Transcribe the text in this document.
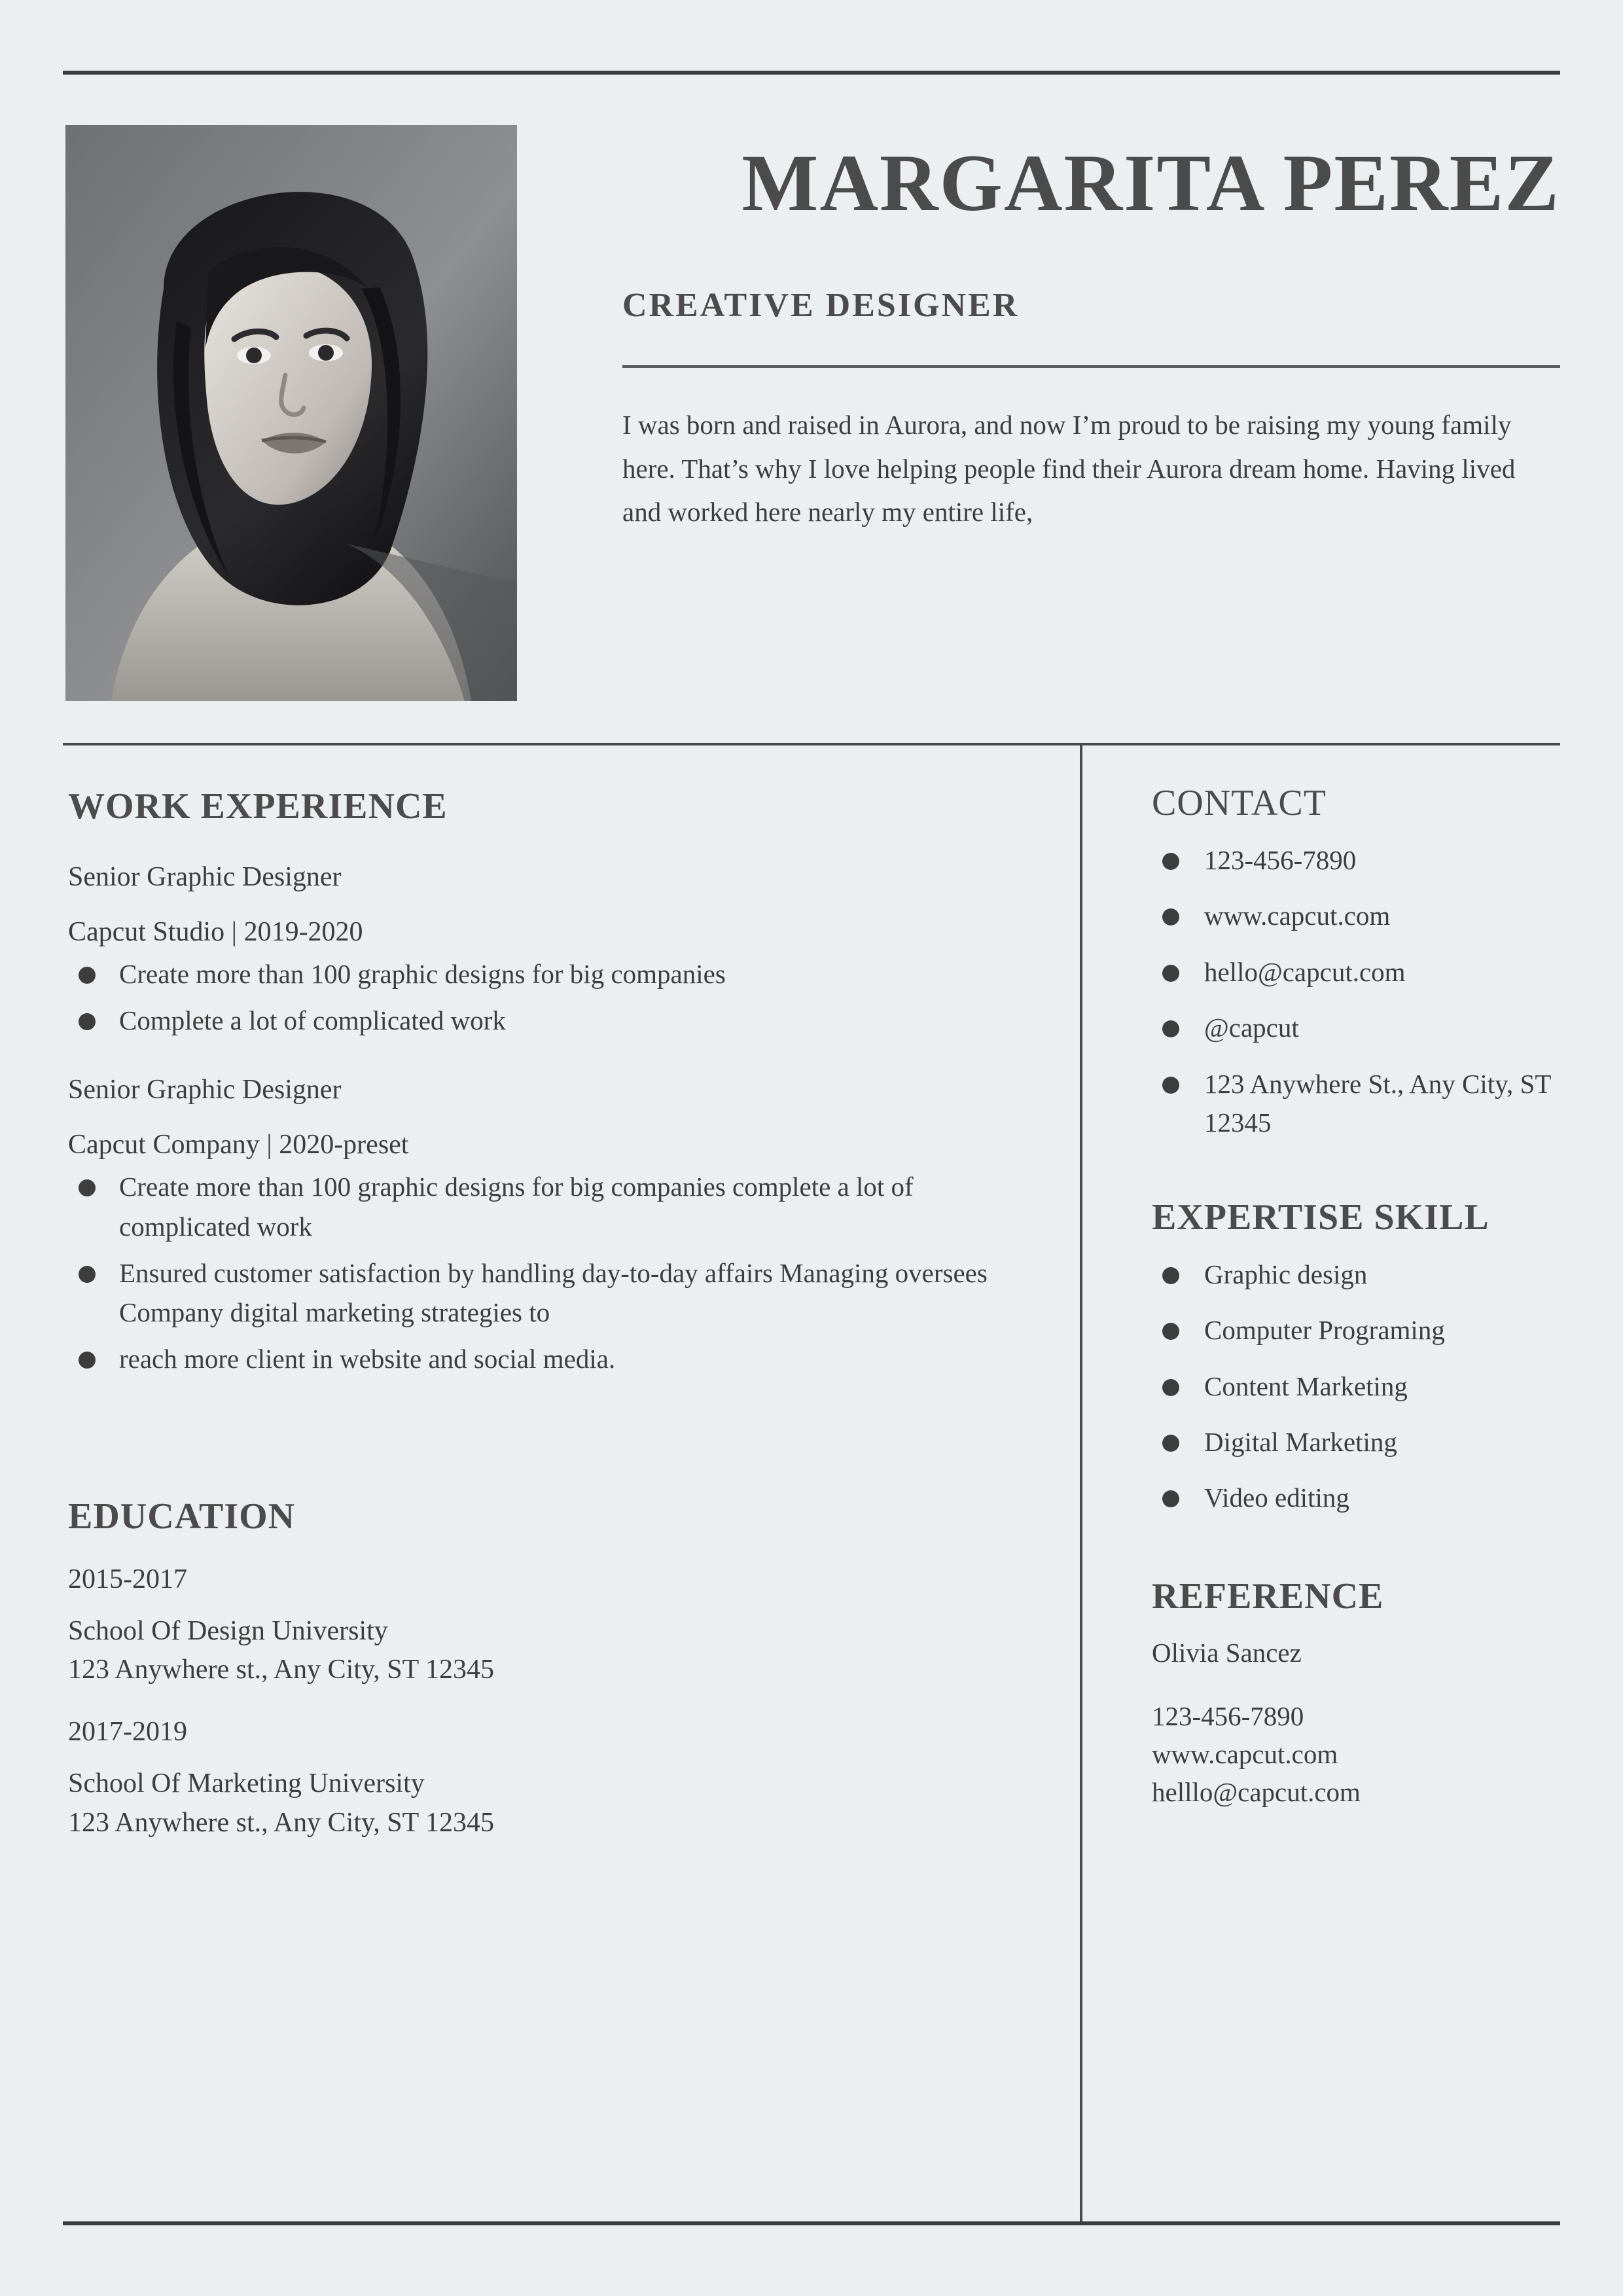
MARGARITA PEREZ
CREATIVE DESIGNER

I was born and raised in Aurora, and now I’m proud to be raising my young family here. That’s why I love helping people find their Aurora dream home. Having lived and worked here nearly my entire life,

WORK EXPERIENCE
Senior Graphic Designer
Capcut Studio | 2019-2020
Create more than 100 graphic designs for big companies
Complete a lot of complicated work
Senior Graphic Designer
Capcut Company | 2020-preset
Create more than 100 graphic designs for big companies complete a lot of complicated work
Ensured customer satisfaction by handling day-to-day affairs Managing oversees Company digital marketing strategies to
reach more client in website and social media.
EDUCATION
2015-2017
School Of Design University
123 Anywhere st., Any City, ST 12345
2017-2019
School Of Marketing University
123 Anywhere st., Any City, ST 12345
CONTACT
123-456-7890
www.capcut.com
hello@capcut.com
@capcut
123 Anywhere St., Any City, ST 12345
EXPERTISE SKILL
Graphic design
Computer Programing
Content Marketing
Digital Marketing
Video editing
REFERENCE
Olivia Sancez
123-456-7890
www.capcut.com
helllo@capcut.com
